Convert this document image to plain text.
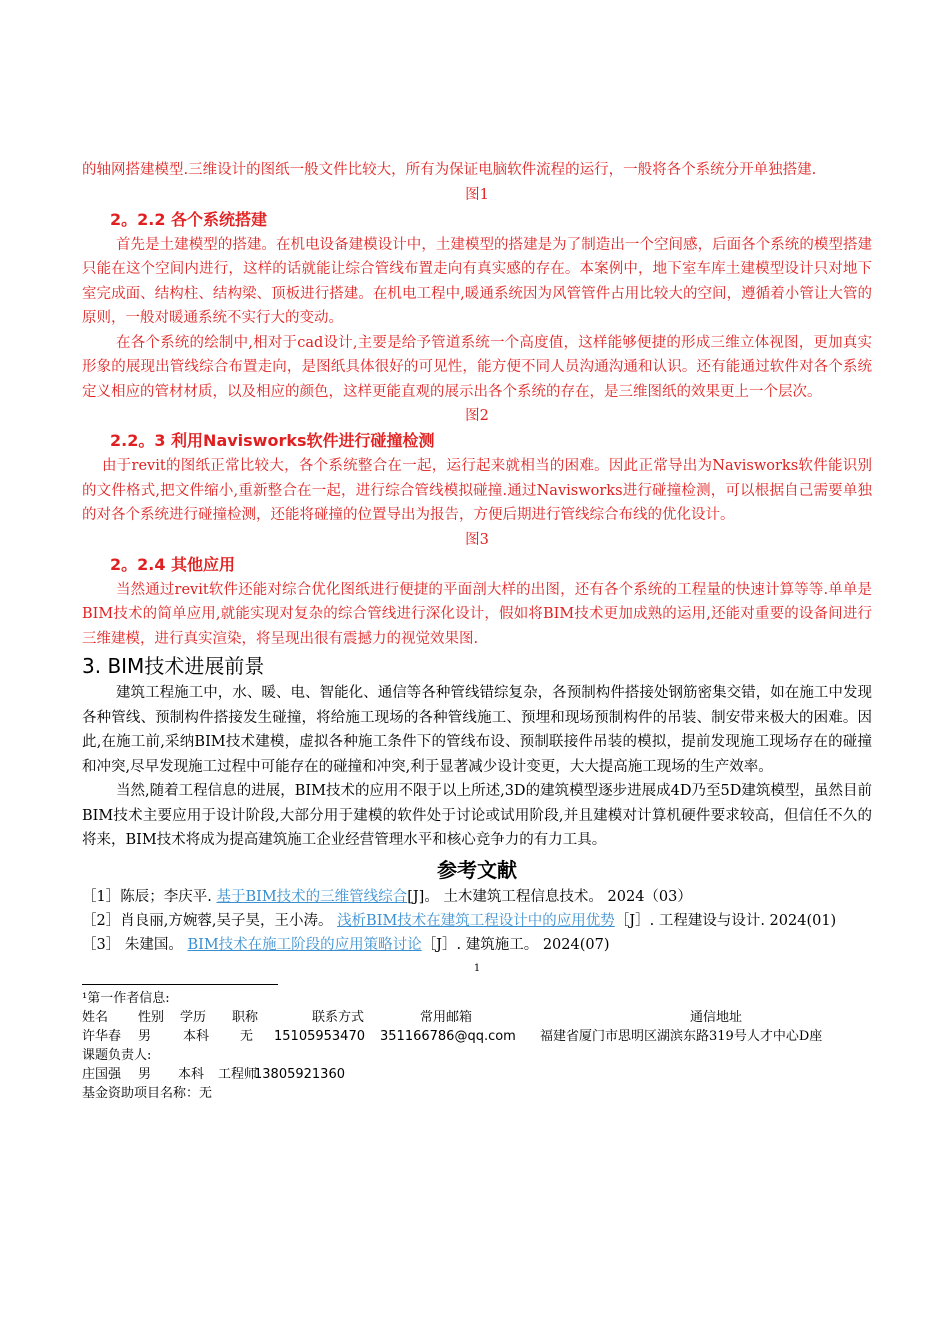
的轴网搭建模型.三维设计的图纸一般文件比较大，所有为保证电脑软件流程的运行，一般将各个系统分开单独搭建.

图1

2。2.2 各个系统搭建

首先是土建模型的搭建。在机电设备建模设计中，土建模型的搭建是为了制造出一个空间感，后面各个系统的模型搭建只能在这个空间内进行，这样的话就能让综合管线布置走向有真实感的存在。本案例中，地下室车库土建模型设计只对地下室完成面、结构柱、结构梁、顶板进行搭建。在机电工程中,暖通系统因为风管管件占用比较大的空间，遵循着小管让大管的原则，一般对暖通系统不实行大的变动。

在各个系统的绘制中,相对于cad设计,主要是给予管道系统一个高度值，这样能够便捷的形成三维立体视图，更加真实形象的展现出管线综合布置走向，是图纸具体很好的可见性，能方便不同人员沟通沟通和认识。还有能通过软件对各个系统定义相应的管材材质，以及相应的颜色，这样更能直观的展示出各个系统的存在，是三维图纸的效果更上一个层次。

图2

2.2。3 利用Navisworks软件进行碰撞检测

由于revit的图纸正常比较大，各个系统整合在一起，运行起来就相当的困难。因此正常导出为Navisworks软件能识别的文件格式,把文件缩小,重新整合在一起，进行综合管线模拟碰撞.通过Navisworks进行碰撞检测，可以根据自己需要单独的对各个系统进行碰撞检测，还能将碰撞的位置导出为报告，方便后期进行管线综合布线的优化设计。

图3

2。2.4 其他应用

当然通过revit软件还能对综合优化图纸进行便捷的平面剖大样的出图，还有各个系统的工程量的快速计算等等.单单是BIM技术的简单应用,就能实现对复杂的综合管线进行深化设计，假如将BIM技术更加成熟的运用,还能对重要的设备间进行三维建模，进行真实渲染，将呈现出很有震撼力的视觉效果图.

3. BIM技术进展前景

建筑工程施工中，水、暖、电、智能化、通信等各种管线错综复杂，各预制构件搭接处钢筋密集交错，如在施工中发现各种管线、预制构件搭接发生碰撞，将给施工现场的各种管线施工、预埋和现场预制构件的吊装、制安带来极大的困难。因此,在施工前,采纳BIM技术建模，虚拟各种施工条件下的管线布设、预制联接件吊装的模拟，提前发现施工现场存在的碰撞和冲突,尽早发现施工过程中可能存在的碰撞和冲突,利于显著减少设计变更，大大提高施工现场的生产效率。

当然,随着工程信息的进展，BIM技术的应用不限于以上所述,3D的建筑模型逐步进展成4D乃至5D建筑模型，虽然目前BIM技术主要应用于设计阶段,大部分用于建模的软件处于讨论或试用阶段,并且建模对计算机硬件要求较高，但信任不久的将来，BIM技术将成为提高建筑施工企业经营管理水平和核心竞争力的有力工具。

参考文献

［1］陈辰；李庆平. 基于BIM技术的三维管线综合[J]。 土木建筑工程信息技术。 2024（03）

［2］肖良丽,方婉蓉,吴子昊，王小涛。 浅析BIM技术在建筑工程设计中的应用优势［J］. 工程建设与设计. 2024(01)

［3］ 朱建国。 BIM技术在施工阶段的应用策略讨论［J］. 建筑施工。 2024(07)

1

¹第一作者信息:

姓名 性别 学历 职称	联系方式	常用邮箱	通信地址

许华春 男 本科 无 15105953470 351166786@qq.com 福建省厦门市思明区湖滨东路319号人才中心D座

课题负责人:

庄国强 男 本科 工程师13805921360

基金资助项目名称：无
